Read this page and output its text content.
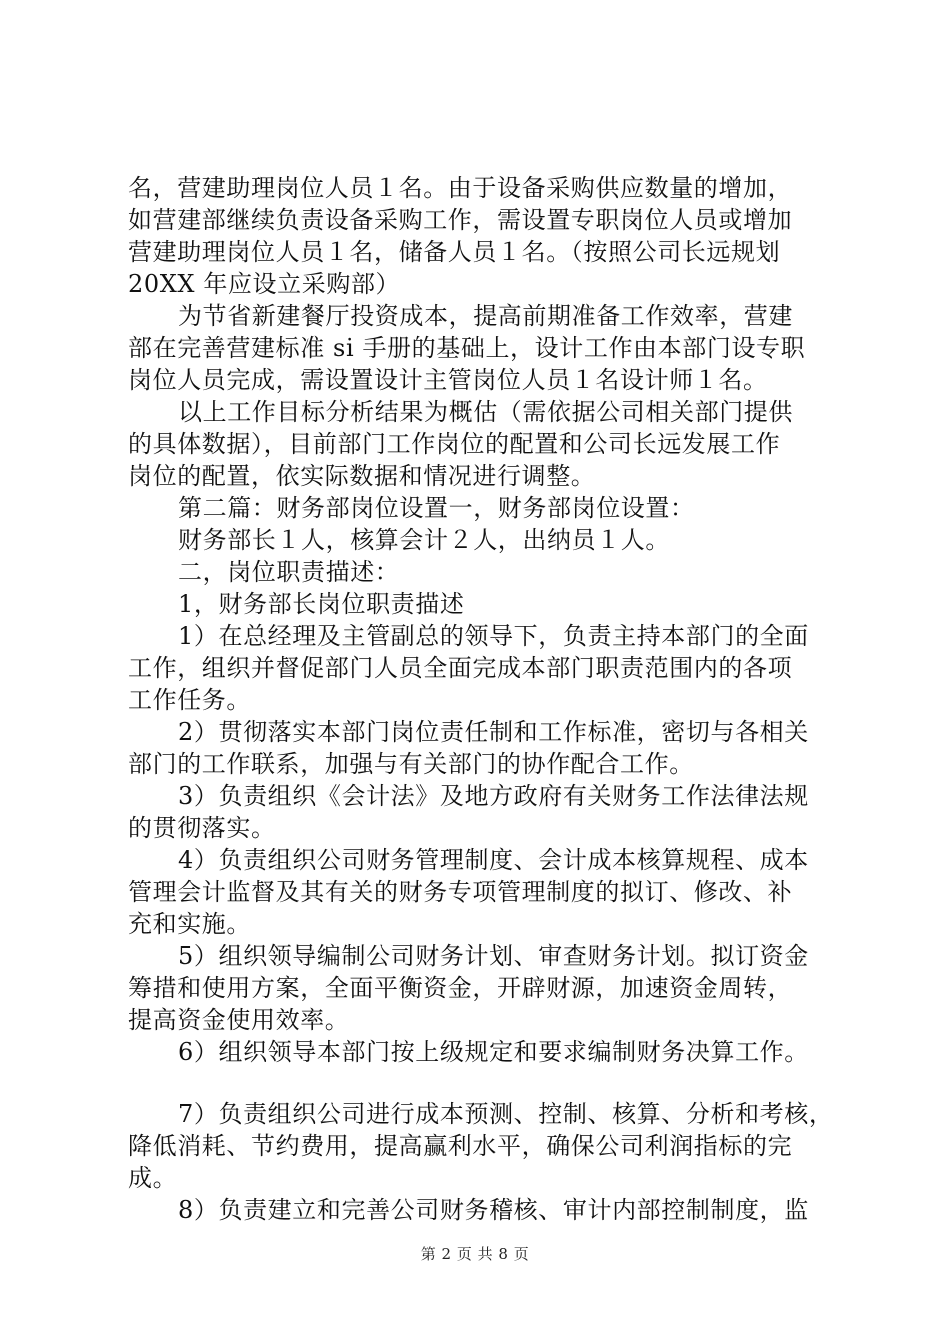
名，营建助理岗位人员１名。由于设备采购供应数量的增加，
如营建部继续负责设备采购工作，需设置专职岗位人员或增加
营建助理岗位人员１名，储备人员１名。（按照公司长远规划
20XX 年应设立采购部）
为节省新建餐厅投资成本，提高前期准备工作效率，营建
部在完善营建标准 si 手册的基础上，设计工作由本部门设专职
岗位人员完成，需设置设计主管岗位人员１名设计师１名。
以上工作目标分析结果为概估（需依据公司相关部门提供
的具体数据），目前部门工作岗位的配置和公司长远发展工作
岗位的配置，依实际数据和情况进行调整。
第二篇：财务部岗位设置一，财务部岗位设置：
财务部长１人，核算会计２人，出纳员１人。
二，岗位职责描述：
1，财务部长岗位职责描述
1）在总经理及主管副总的领导下，负责主持本部门的全面
工作，组织并督促部门人员全面完成本部门职责范围内的各项
工作任务。
2）贯彻落实本部门岗位责任制和工作标准，密切与各相关
部门的工作联系，加强与有关部门的协作配合工作。
3）负责组织《会计法》及地方政府有关财务工作法律法规
的贯彻落实。
4）负责组织公司财务管理制度、会计成本核算规程、成本
管理会计监督及其有关的财务专项管理制度的拟订、修改、补
充和实施。
5）组织领导编制公司财务计划、审查财务计划。拟订资金
筹措和使用方案，全面平衡资金，开辟财源，加速资金周转，
提高资金使用效率。
6）组织领导本部门按上级规定和要求编制财务决算工作。
7）负责组织公司进行成本预测、控制、核算、分析和考核，
降低消耗、节约费用，提高赢利水平，确保公司利润指标的完
成。
8）负责建立和完善公司财务稽核、审计内部控制制度，监
第 2 页 共 8 页
